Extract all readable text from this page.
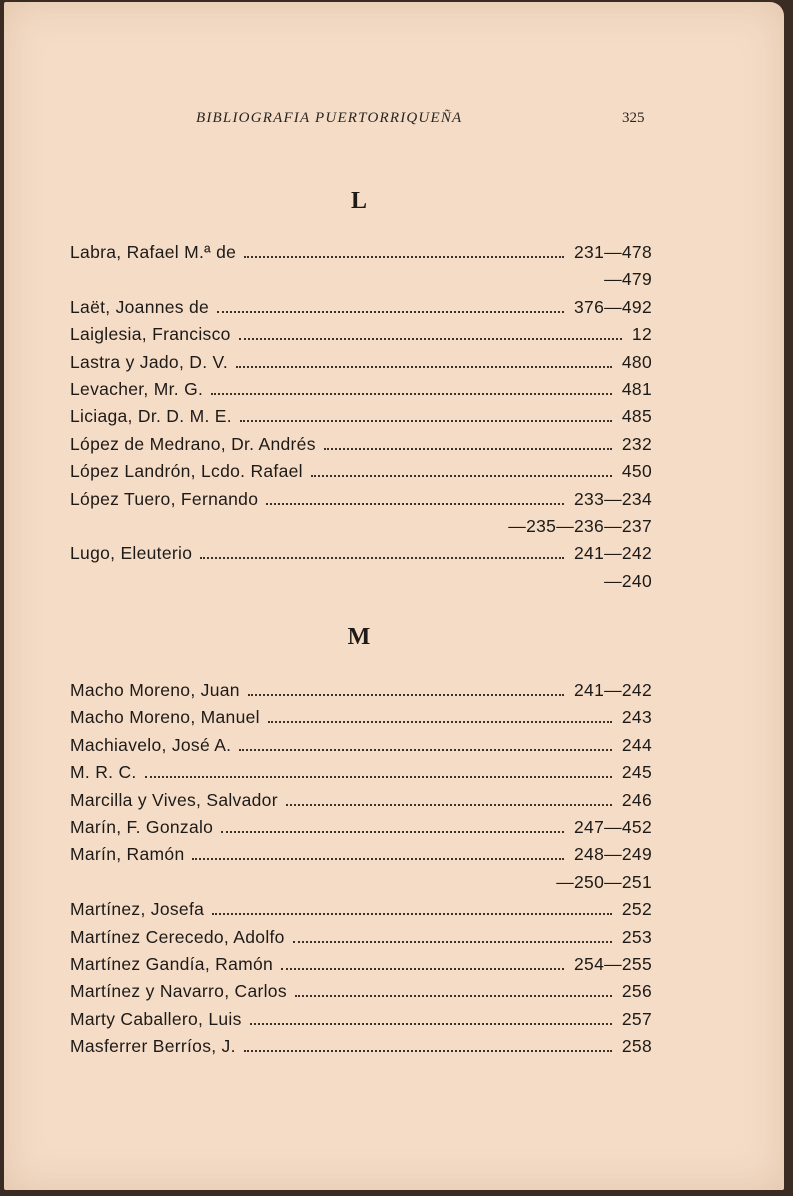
BIBLIOGRAFIA PUERTORRIQUEÑA	325
L
Labra, Rafael M.ª de	231—478
—479
Laët, Joannes de	376—492
Laiglesia, Francisco	12
Lastra y Jado, D. V.	480
Levacher, Mr. G.	481
Liciaga, Dr. D. M. E.	485
López de Medrano, Dr. Andrés	232
López Landrón, Lcdo. Rafael	450
López Tuero, Fernando	233—234
—235—236—237
Lugo, Eleuterio	241—242
—240
M
Macho Moreno, Juan	241—242
Macho Moreno, Manuel	243
Machiavelo, José A.	244
M. R. C.	245
Marcilla y Vives, Salvador	246
Marín, F. Gonzalo	247—452
Marín, Ramón	248—249
—250—251
Martínez, Josefa	252
Martínez Cerecedo, Adolfo	253
Martínez Gandía, Ramón	254—255
Martínez y Navarro, Carlos	256
Marty Caballero, Luis	257
Masferrer Berríos, J.	258
